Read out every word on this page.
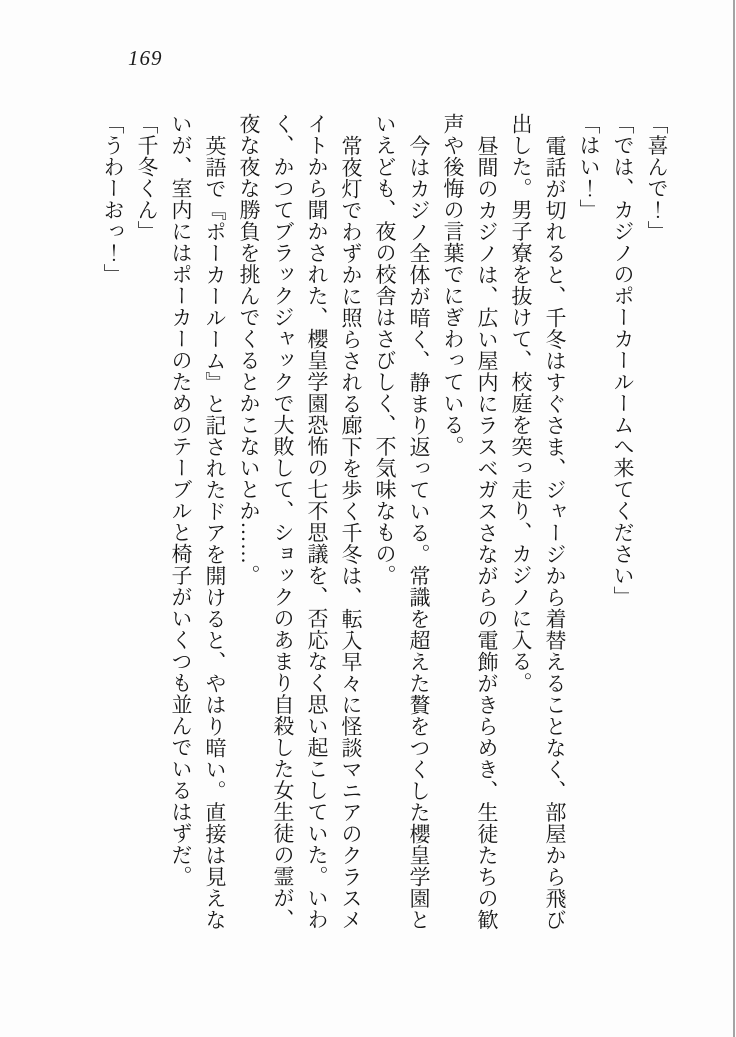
169

「喜んで！」

「では、カジノのポーカールームへ来てください」

「はい！」

電話が切れると、千冬はすぐさま、ジャージから着替えることなく、部屋から飛び

出した。男子寮を抜けて、校庭を突っ走り、カジノに入る。

昼間のカジノは、広い屋内にラスベガスさながらの電飾がきらめき、生徒たちの歓

声や後悔の言葉でにぎわっている。

今はカジノ全体が暗く、静まり返っている。常識を超えた贅をつくした櫻皇学園と

いえども、夜の校舎はさびしく、不気味なもの。

常夜灯でわずかに照らされる廊下を歩く千冬は、転入早々に怪談マニアのクラスメ

イトから聞かされた、櫻皇学園恐怖の七不思議を、否応なく思い起こしていた。いわ

く、かつてブラックジャックで大敗して、ショックのあまり自殺した女生徒の霊が、

夜な夜な勝負を挑んでくるとかこないとか……。

英語で『ポーカールーム』と記されたドアを開けると、やはり暗い。直接は見えな

いが、室内にはポーカーのためのテーブルと椅子がいくつも並んでいるはずだ。

「千冬くん」

「うわーおっ！」
